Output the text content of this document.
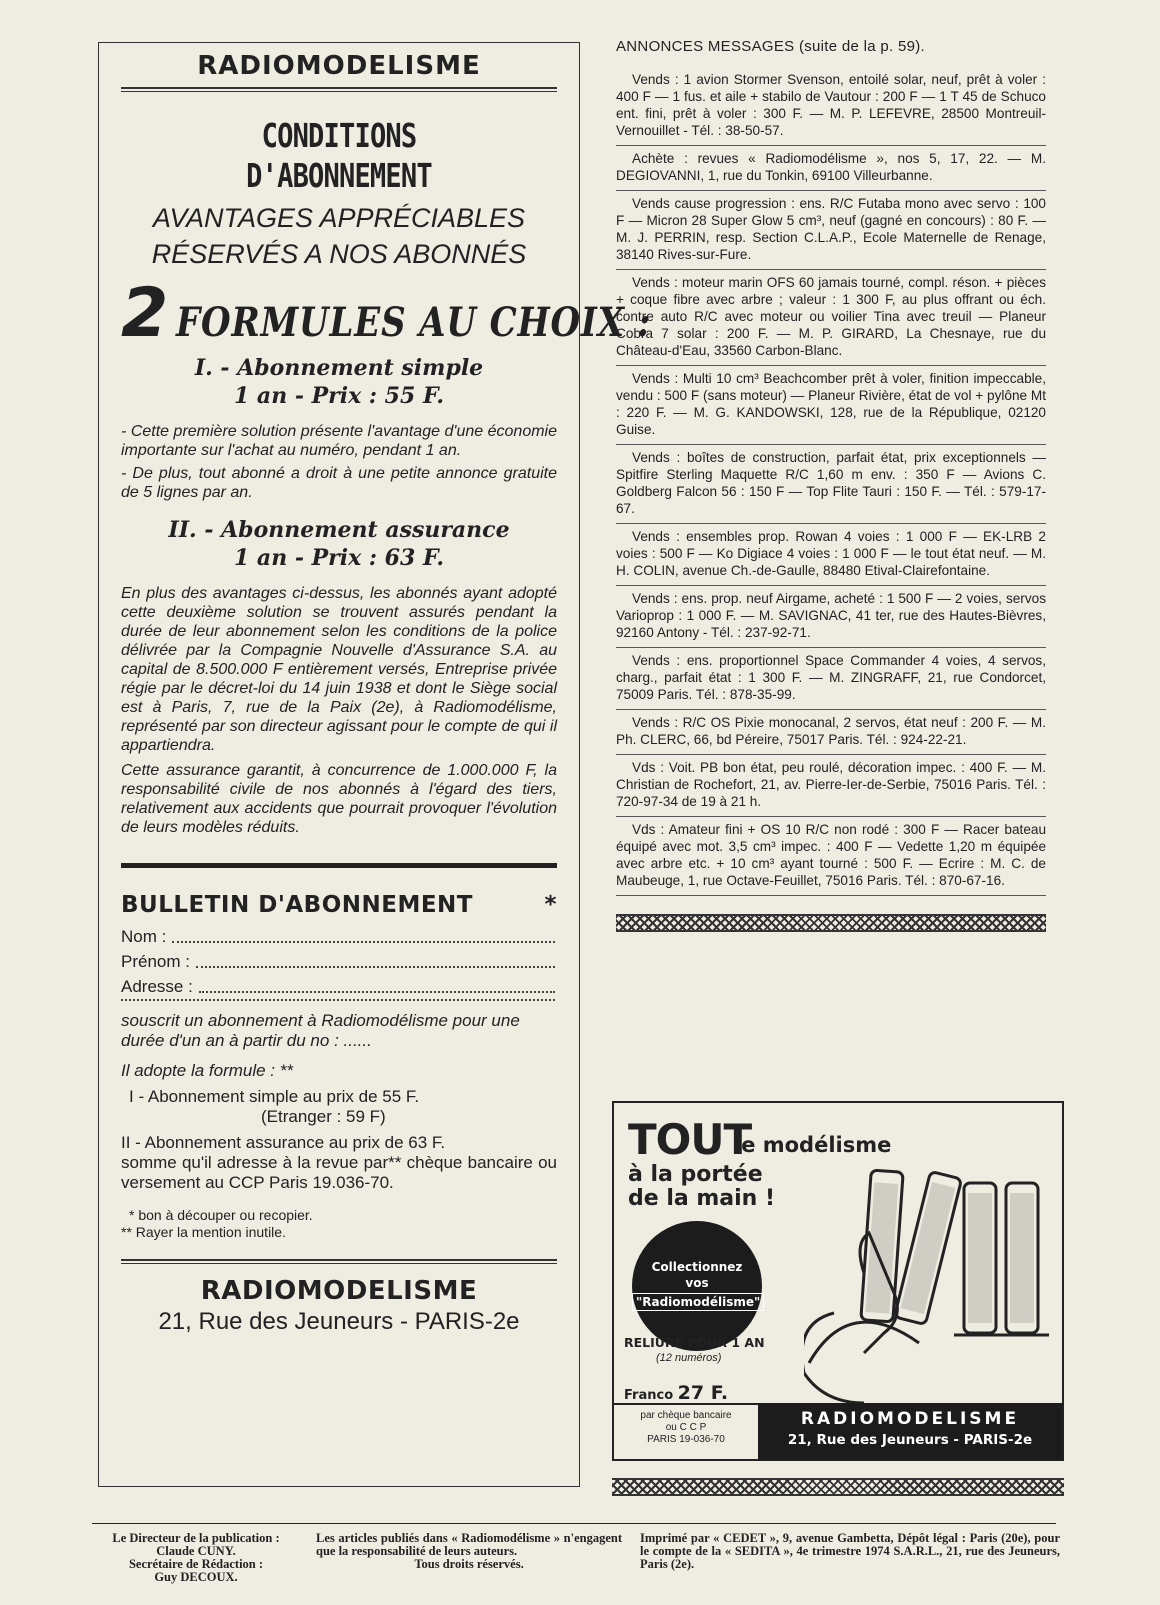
RADIOMODELISME
CONDITIONS
D'ABONNEMENT
AVANTAGES APPRÉCIABLES
RÉSERVÉS A NOS ABONNÉS
2 FORMULES AU CHOIX :
I. - Abonnement simple
1 an - Prix : 55 F.

- Cette première solution présente l'avantage d'une économie importante sur l'achat au numéro, pendant 1 an.

- De plus, tout abonné a droit à une petite annonce gratuite de 5 lignes par an.

II. - Abonnement assurance
1 an - Prix : 63 F.

En plus des avantages ci-dessus, les abonnés ayant adopté cette deuxième solution se trouvent assurés pendant la durée de leur abonnement selon les conditions de la police délivrée par la Compagnie Nouvelle d'Assurance S.A. au capital de 8.500.000 F entièrement versés, Entreprise privée régie par le décret-loi du 14 juin 1938 et dont le Siège social est à Paris, 7, rue de la Paix (2e), à Radiomodélisme, représenté par son directeur agissant pour le compte de qui il appartiendra.

Cette assurance garantit, à concurrence de 1.000.000 F, la responsabilité civile de nos abonnés à l'égard des tiers, relativement aux accidents que pourrait provoquer l'évolution de leurs modèles réduits.

BULLETIN D'ABONNEMENT	*
Nom :
Prénom :
Adresse :

souscrit un abonnement à Radiomodélisme pour une durée d'un an à partir du no : ......

Il adopte la formule : **

I - Abonnement simple au prix de 55 F.

(Etranger : 59 F)

II - Abonnement assurance au prix de 63 F.

somme qu'il adresse à la revue par** chèque bancaire ou versement au CCP Paris 19.036-70.

* bon à découper ou recopier.

** Rayer la mention inutile.

RADIOMODELISME
21, Rue des Jeuneurs - PARIS-2e
ANNONCES MESSAGES (suite de la p. 59).
Vends : 1 avion Stormer Svenson, entoilé solar, neuf, prêt à voler : 400 F — 1 fus. et aile + stabilo de Vautour : 200 F — 1 T 45 de Schuco ent. fini, prêt à voler : 300 F. — M. P. LEFEVRE, 28500 Montreuil-Vernouillet - Tél. : 38-50-57.
Achète : revues « Radiomodélisme », nos 5, 17, 22. — M. DEGIOVANNI, 1, rue du Tonkin, 69100 Villeurbanne.
Vends cause progression : ens. R/C Futaba mono avec servo : 100 F — Micron 28 Super Glow 5 cm³, neuf (gagné en concours) : 80 F. — M. J. PERRIN, resp. Section C.L.A.P., Ecole Maternelle de Renage, 38140 Rives-sur-Fure.
Vends : moteur marin OFS 60 jamais tourné, compl. réson. + pièces + coque fibre avec arbre ; valeur : 1 300 F, au plus offrant ou éch. contre auto R/C avec moteur ou voilier Tina avec treuil — Planeur Cobra 7 solar : 200 F. — M. P. GIRARD, La Chesnaye, rue du Château-d'Eau, 33560 Carbon-Blanc.
Vends : Multi 10 cm³ Beachcomber prêt à voler, finition impeccable, vendu : 500 F (sans moteur) — Planeur Rivière, état de vol + pylône Mt : 220 F. — M. G. KANDOWSKI, 128, rue de la République, 02120 Guise.
Vends : boîtes de construction, parfait état, prix exceptionnels — Spitfire Sterling Maquette R/C 1,60 m env. : 350 F — Avions C. Goldberg Falcon 56 : 150 F — Top Flite Tauri : 150 F. — Tél. : 579-17-67.
Vends : ensembles prop. Rowan 4 voies : 1 000 F — EK-LRB 2 voies : 500 F — Ko Digiace 4 voies : 1 000 F — le tout état neuf. — M. H. COLIN, avenue Ch.-de-Gaulle, 88480 Etival-Clairefontaine.
Vends : ens. prop. neuf Airgame, acheté : 1 500 F — 2 voies, servos Varioprop : 1 000 F. — M. SAVIGNAC, 41 ter, rue des Hautes-Bièvres, 92160 Antony - Tél. : 237-92-71.
Vends : ens. proportionnel Space Commander 4 voies, 4 servos, charg., parfait état : 1 300 F. — M. ZINGRAFF, 21, rue Condorcet, 75009 Paris. Tél. : 878-35-99.
Vends : R/C OS Pixie monocanal, 2 servos, état neuf : 200 F. — M. Ph. CLERC, 66, bd Péreire, 75017 Paris. Tél. : 924-22-21.
Vds : Voit. PB bon état, peu roulé, décoration impec. : 400 F. — M. Christian de Rochefort, 21, av. Pierre-Ier-de-Serbie, 75016 Paris. Tél. : 720-97-34 de 19 à 21 h.
Vds : Amateur fini + OS 10 R/C non rodé : 300 F — Racer bateau équipé avec mot. 3,5 cm³ impec. : 400 F — Vedette 1,20 m équipée avec arbre etc. + 10 cm³ ayant tourné : 500 F. — Ecrire : M. C. de Maubeuge, 1, rue Octave-Feuillet, 75016 Paris. Tél. : 870-67-16.
TOUT
le modélisme
à la portée
de la main !
Collectionnez
vos
"Radiomodélisme"
RELIURE POUR 1 AN
(12 numéros)
Franco 27 F.
par chèque bancaire
ou C C P
PARIS 19-036-70
RADIOMODELISME
21, Rue des Jeuneurs - PARIS-2e
Le Directeur de la publication :
Claude CUNY.
Secrétaire de Rédaction :
Guy DECOUX.
Les articles publiés dans « Radiomodélisme » n'engagent que la responsabilité de leurs auteurs.
Tous droits réservés.
Imprimé par « CEDET », 9, avenue Gambetta, Dépôt légal : Paris (20e), pour le compte de la « SEDITA », 4e trimestre 1974 S.A.R.L., 21, rue des Jeuneurs, Paris (2e).
